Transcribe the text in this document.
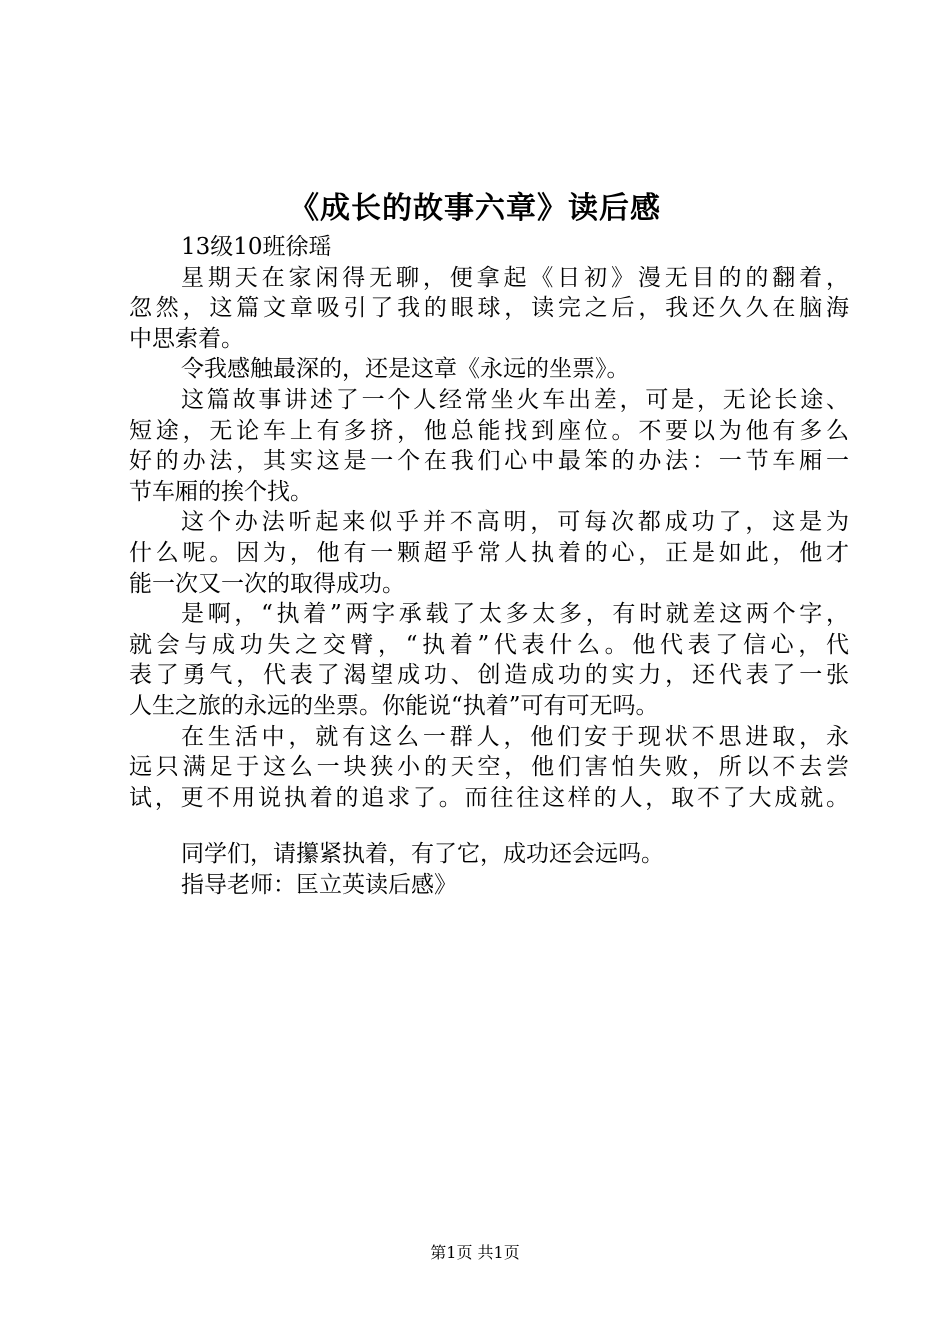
《成长的故事六章》读后感
13级10班徐瑶
星期天在家闲得无聊，便拿起《日初》漫无目的的翻着，
忽然，这篇文章吸引了我的眼球，读完之后，我还久久在脑海
中思索着。
令我感触最深的，还是这章《永远的坐票》。
这篇故事讲述了一个人经常坐火车出差，可是，无论长途、
短途，无论车上有多挤，他总能找到座位。不要以为他有多么
好的办法，其实这是一个在我们心中最笨的办法：一节车厢一
节车厢的挨个找。
这个办法听起来似乎并不高明，可每次都成功了，这是为
什么呢。因为，他有一颗超乎常人执着的心，正是如此，他才
能一次又一次的取得成功。
是啊，“执着”两字承载了太多太多，有时就差这两个字，
就会与成功失之交臂，“执着”代表什么。他代表了信心，代
表了勇气，代表了渴望成功、创造成功的实力，还代表了一张
人生之旅的永远的坐票。你能说“执着”可有可无吗。
在生活中，就有这么一群人，他们安于现状不思进取，永
远只满足于这么一块狭小的天空，他们害怕失败，所以不去尝
试，更不用说执着的追求了。而往往这样的人，取不了大成就。
同学们，请攥紧执着，有了它，成功还会远吗。
指导老师：匡立英读后感》
第1页 共1页
